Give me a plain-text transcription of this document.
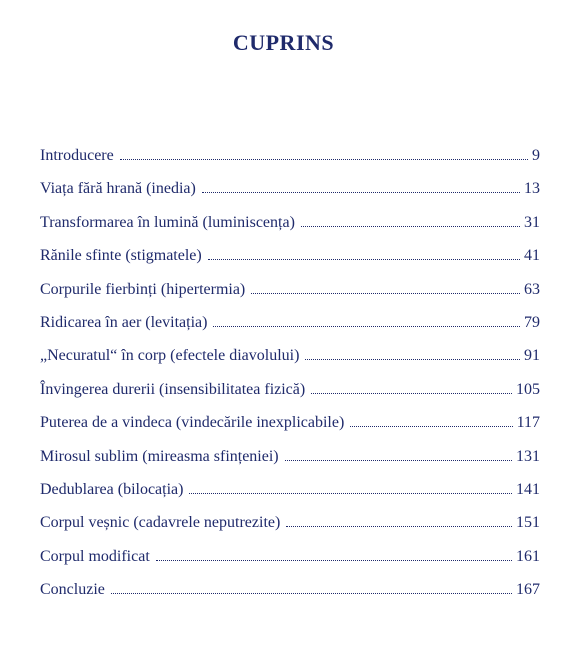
CUPRINS
Introducere	9
Viața fără hrană (inedia)	13
Transformarea în lumină (luminiscența)	31
Rănile sfinte (stigmatele)	41
Corpurile fierbinți (hipertermia)	63
Ridicarea în aer (levitația)	79
„Necuratul“ în corp (efectele diavolului)	91
Învingerea durerii (insensibilitatea fizică)	105
Puterea de a vindeca (vindecările inexplicabile)	117
Mirosul sublim (mireasma sfințeniei)	131
Dedublarea (bilocația)	141
Corpul veșnic (cadavrele neputrezite)	151
Corpul modificat	161
Concluzie	167
